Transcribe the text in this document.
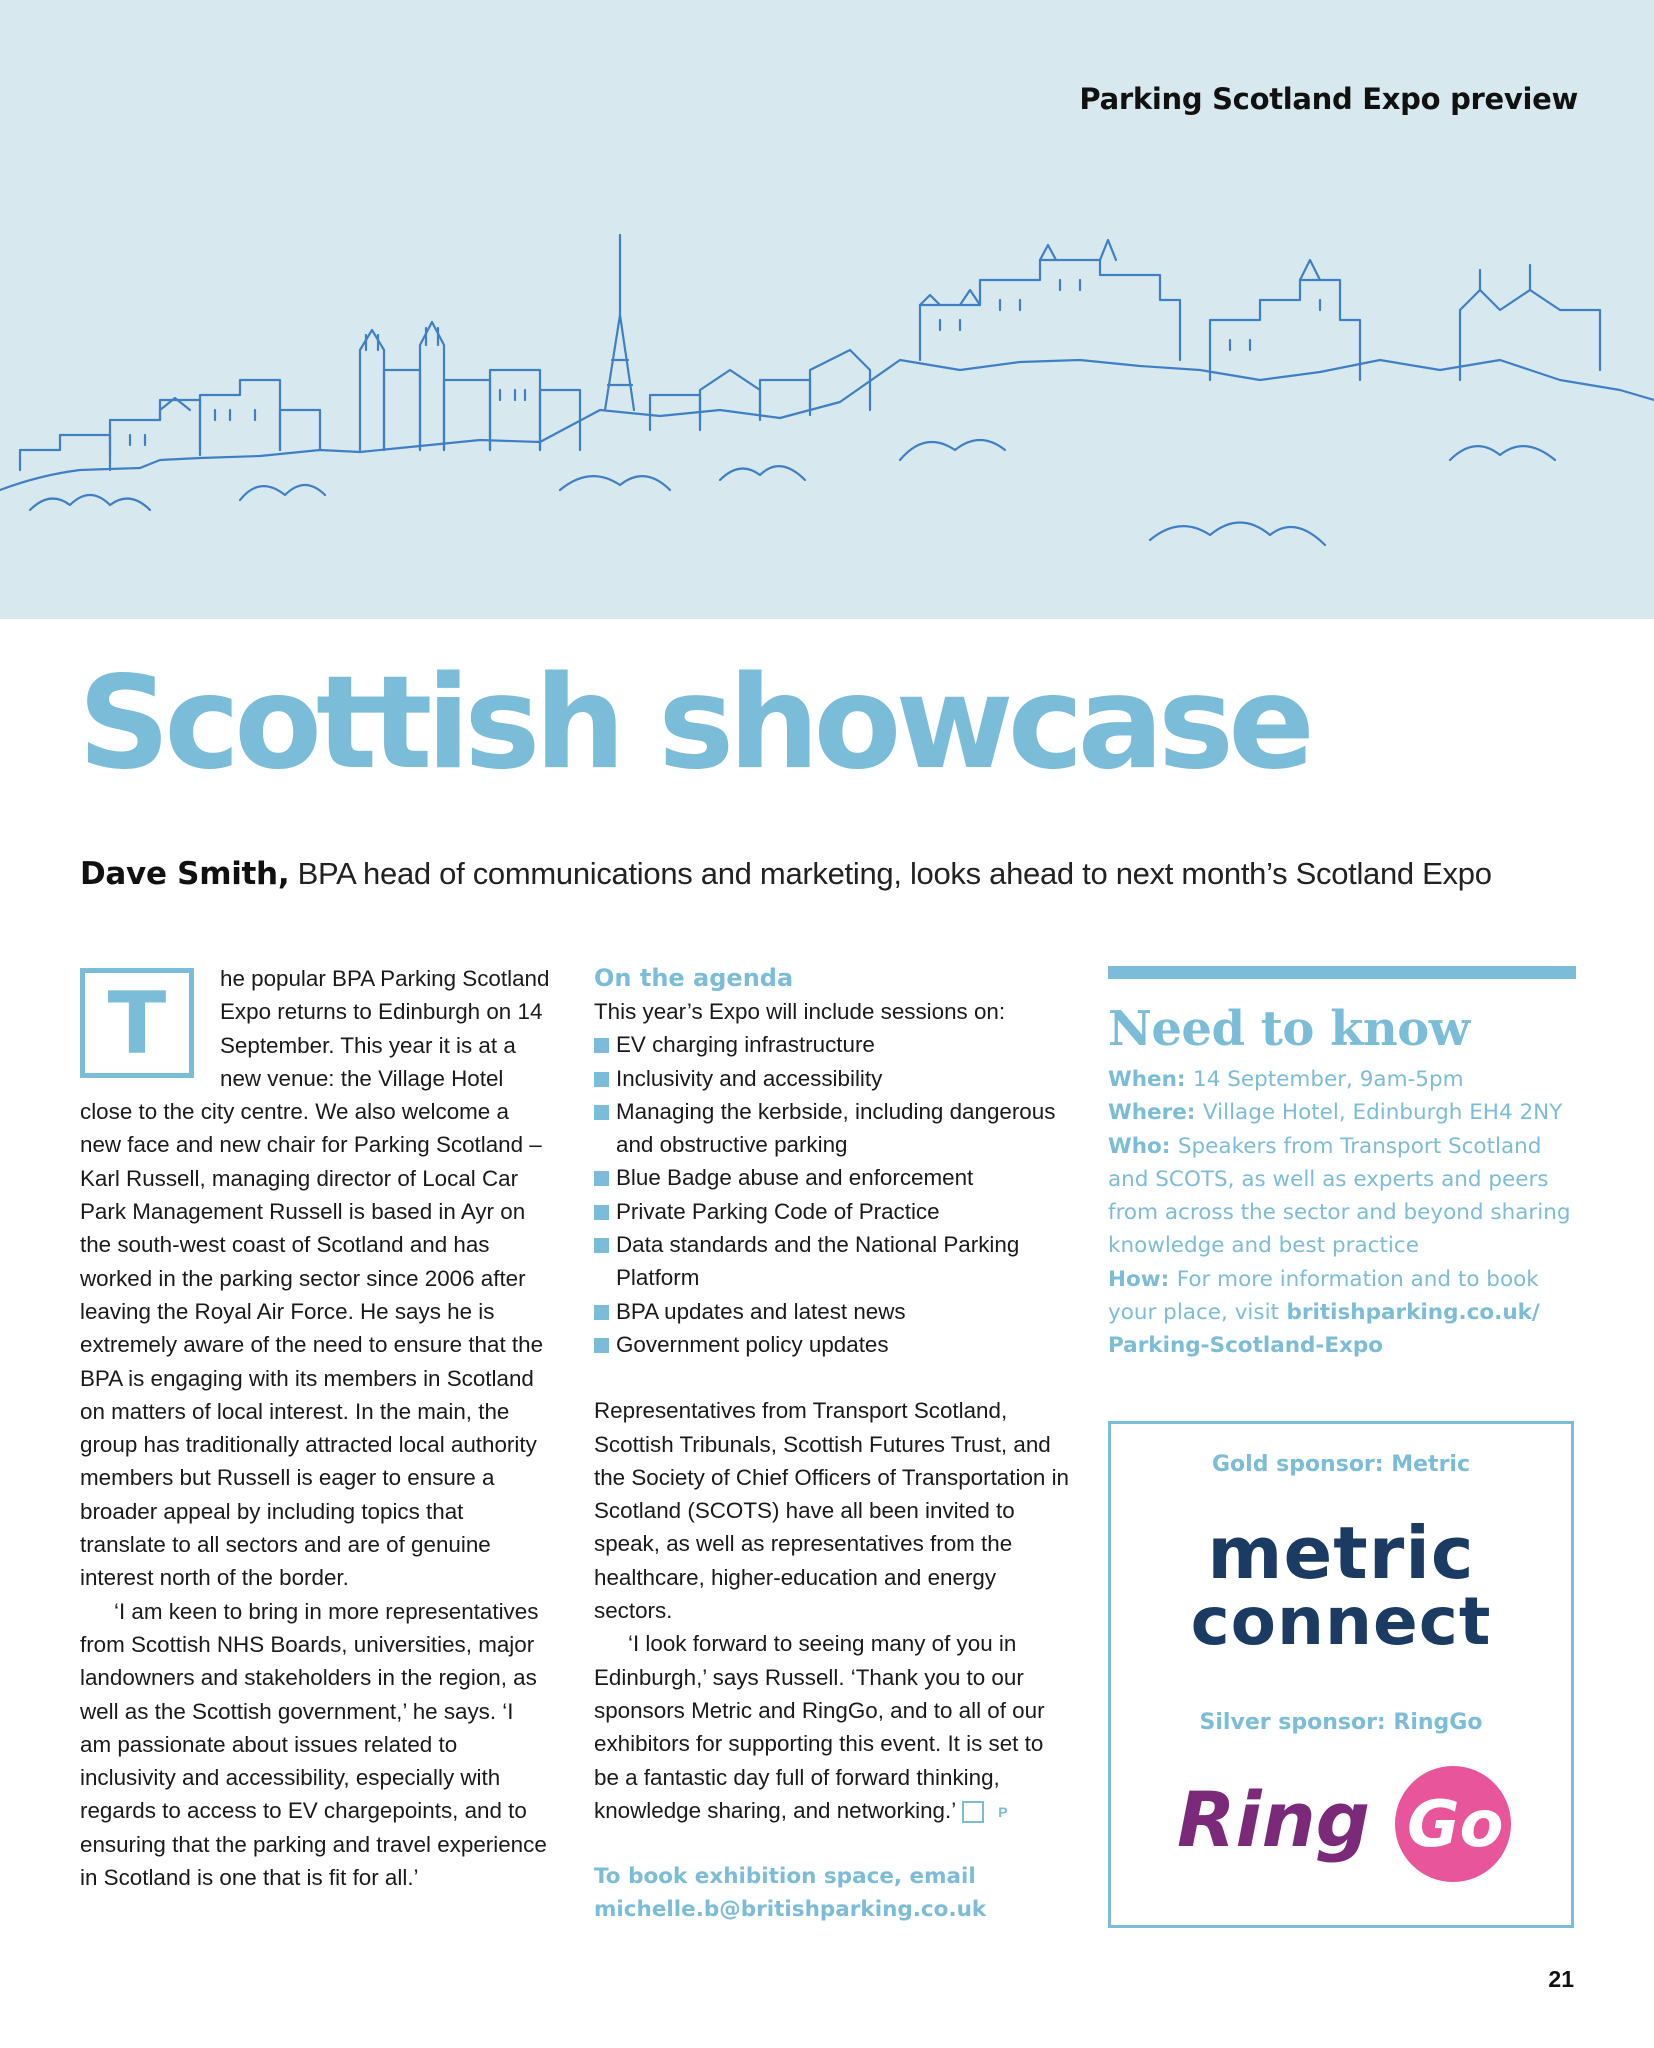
Parking Scotland Expo preview
Scottish showcase
Dave Smith, BPA head of communications and marketing, looks ahead to next month’s Scotland Expo
T	he popular BPA Parking Scotland Expo returns to Edinburgh on 14 September. This year it is at a new venue: the Village Hotel close to the city centre. We also welcome a new face and new chair for Parking Scotland – Karl Russell, managing director of Local Car Park Management Russell is based in Ayr on the south-west coast of Scotland and has worked in the parking sector since 2006 after leaving the Royal Air Force. He says he is extremely aware of the need to ensure that the BPA is engaging with its members in Scotland on matters of local interest. In the main, the group has traditionally attracted local authority members but Russell is eager to ensure a broader appeal by including topics that translate to all sectors and are of genuine interest north of the border.

‘I am keen to bring in more representatives from Scottish NHS Boards, universities, major landowners and stakeholders in the region, as well as the Scottish government,’ he says. ‘I am passionate about issues related to inclusivity and accessibility, especially with regards to access to EV chargepoints, and to ensuring that the parking and travel experience in Scotland is one that is fit for all.’

On the agenda

This year’s Expo will include sessions on:

EV charging infrastructure
Inclusivity and accessibility
Managing the kerbside, including dangerous and obstructive parking
Blue Badge abuse and enforcement
Private Parking Code of Practice
Data standards and the National Parking Platform
BPA updates and latest news
Government policy updates

Representatives from Transport Scotland, Scottish Tribunals, Scottish Futures Trust, and the Society of Chief Officers of Transportation in Scotland (SCOTS) have all been invited to speak, as well as representatives from the healthcare, higher-education and energy sectors.

‘I look forward to seeing many of you in Edinburgh,’ says Russell. ‘Thank you to our sponsors Metric and RingGo, and to all of our exhibitors for supporting this event. It is set to be a fantastic day full of forward thinking, knowledge sharing, and networking.’	P

To book exhibition space, email
michelle.b@britishparking.co.uk
Need to know
When: 14 September, 9am-5pm
Where: Village Hotel, Edinburgh EH4 2NY
Who: Speakers from Transport Scotland and SCOTS, as well as experts and peers from across the sector and beyond sharing knowledge and best practice
How: For more information and to book your place, visit britishparking.co.uk/ Parking-Scotland-Expo
Gold sponsor: Metric
metric
connect
Silver sponsor: RingGo
Ring Go
21
